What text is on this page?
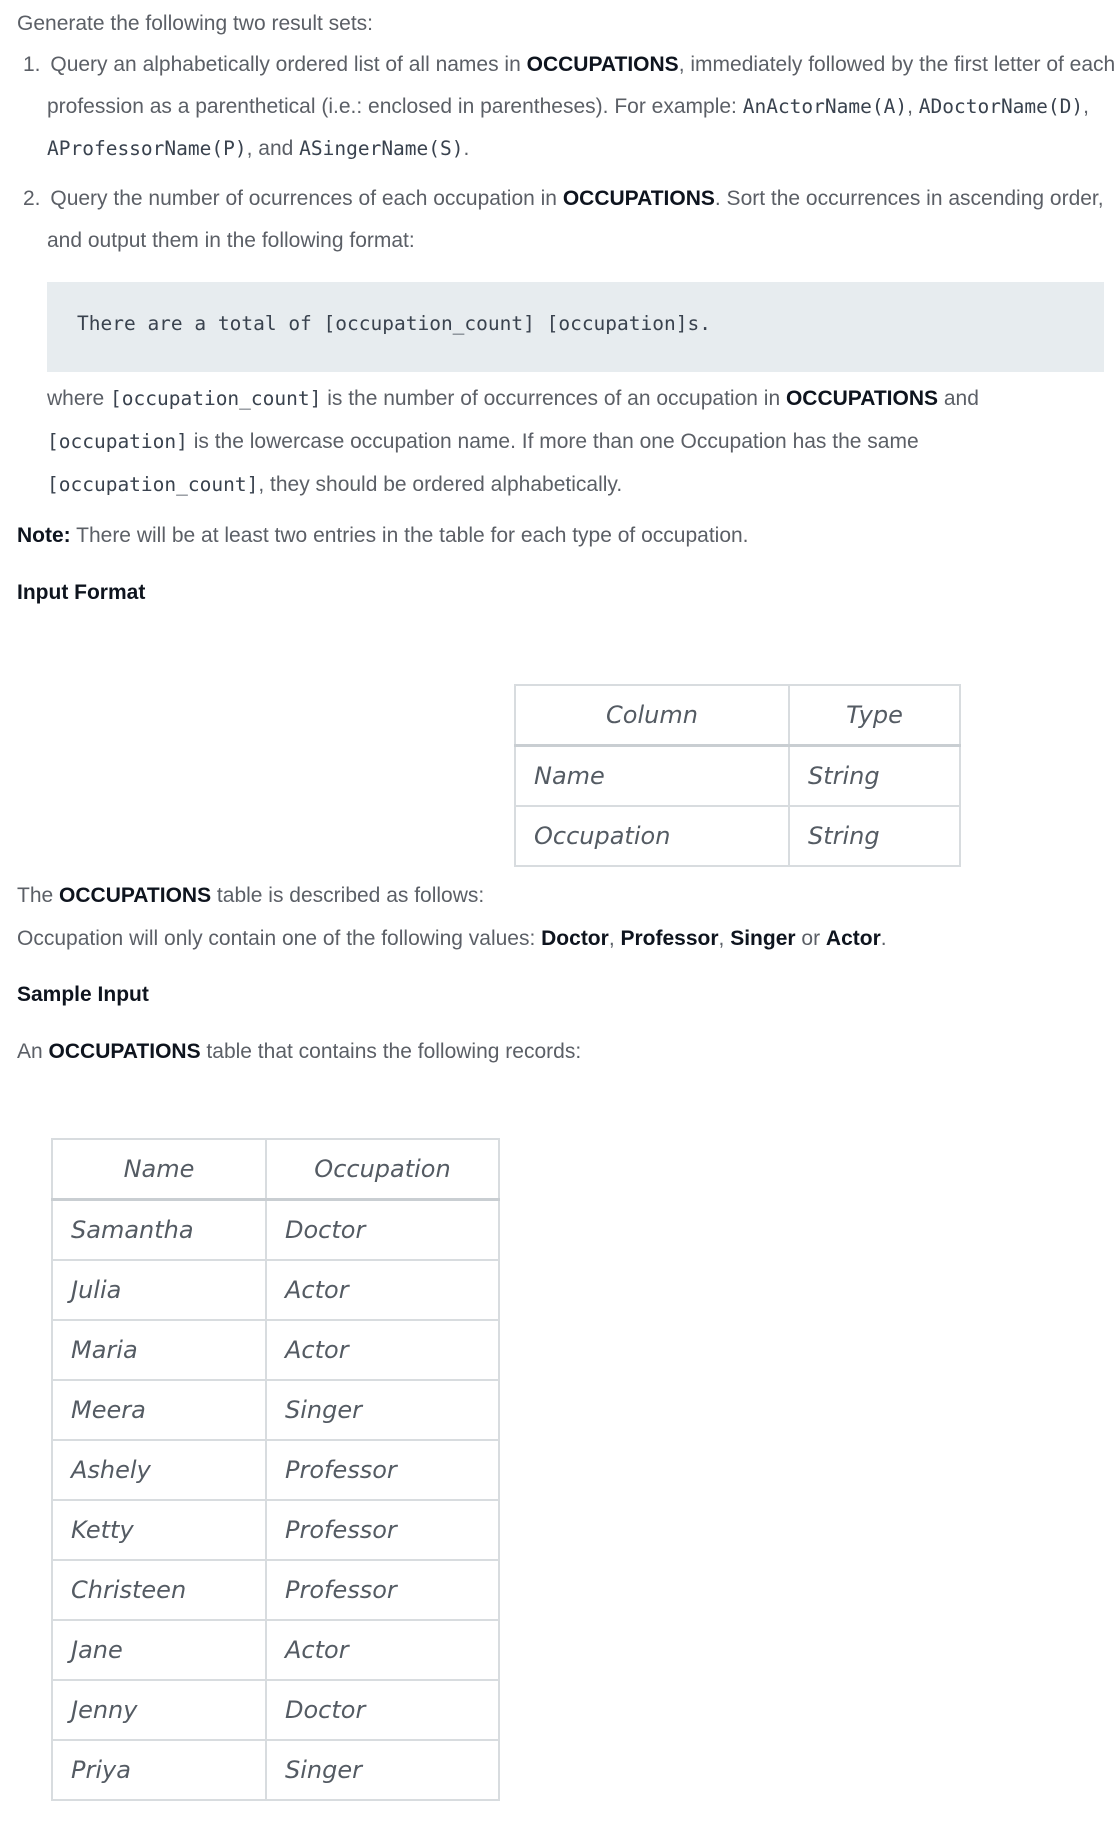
Generate the following two result sets:
1. Query an alphabetically ordered list of all names in OCCUPATIONS, immediately followed by the first letter of each
profession as a parenthetical (i.e.: enclosed in parentheses). For example: AnActorName(A), ADoctorName(D),
AProfessorName(P), and ASingerName(S).
2. Query the number of ocurrences of each occupation in OCCUPATIONS. Sort the occurrences in ascending order,
and output them in the following format:
There are a total of [occupation_count] [occupation]s.
where [occupation_count] is the number of occurrences of an occupation in OCCUPATIONS and
[occupation] is the lowercase occupation name. If more than one Occupation has the same
[occupation_count], they should be ordered alphabetically.
Note: There will be at least two entries in the table for each type of occupation.
Input Format
Column	Type
Name	String
Occupation	String
The OCCUPATIONS table is described as follows:
Occupation will only contain one of the following values: Doctor, Professor, Singer or Actor.
Sample Input
An OCCUPATIONS table that contains the following records:
Name	Occupation
Samantha	Doctor
Julia	Actor
Maria	Actor
Meera	Singer
Ashely	Professor
Ketty	Professor
Christeen	Professor
Jane	Actor
Jenny	Doctor
Priya	Singer
